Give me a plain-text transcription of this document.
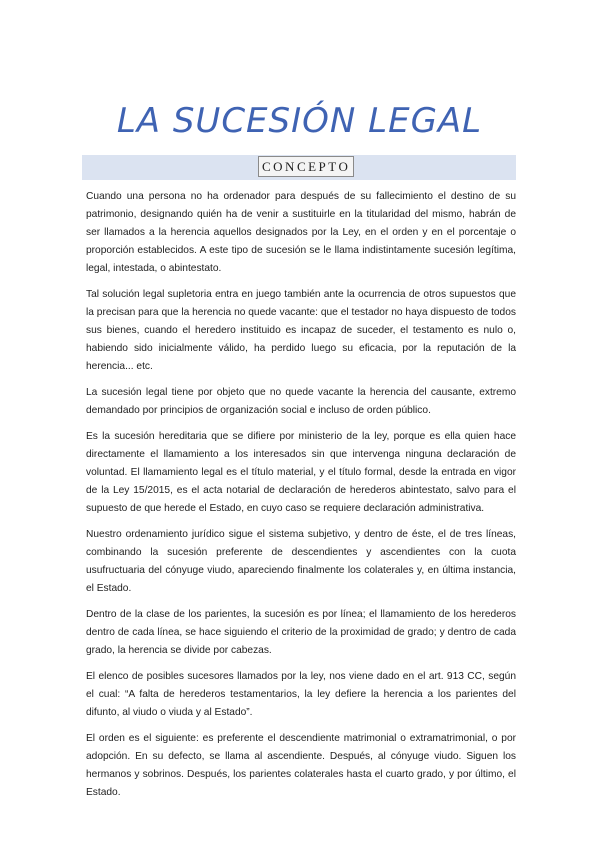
LA SUCESIÓN LEGAL
CONCEPTO

Cuando una persona no ha ordenador para después de su fallecimiento el destino de su patrimonio, designando quién ha de venir a sustituirle en la titularidad del mismo, habrán de ser llamados a la herencia aquellos designados por la Ley, en el orden y en el porcentaje o proporción establecidos. A este tipo de sucesión se le llama indistintamente sucesión legítima, legal, intestada, o abintestato.

Tal solución legal supletoria entra en juego también ante la ocurrencia de otros supuestos que la precisan para que la herencia no quede vacante: que el testador no haya dispuesto de todos sus bienes, cuando el heredero instituido es incapaz de suceder, el testamento es nulo o, habiendo sido inicialmente válido, ha perdido luego su eficacia, por la reputación de la herencia... etc.

La sucesión legal tiene por objeto que no quede vacante la herencia del causante, extremo demandado por principios de organización social e incluso de orden público.

Es la sucesión hereditaria que se difiere por ministerio de la ley, porque es ella quien hace directamente el llamamiento a los interesados sin que intervenga ninguna declaración de voluntad. El llamamiento legal es el título material, y el título formal, desde la entrada en vigor de la Ley 15/2015, es el acta notarial de declaración de herederos abintestato, salvo para el supuesto de que herede el Estado, en cuyo caso se requiere declaración administrativa.

Nuestro ordenamiento jurídico sigue el sistema subjetivo, y dentro de éste, el de tres líneas, combinando la sucesión preferente de descendientes y ascendientes con la cuota usufructuaria del cónyuge viudo, apareciendo finalmente los colaterales y, en última instancia, el Estado.

Dentro de la clase de los parientes, la sucesión es por línea; el llamamiento de los herederos dentro de cada línea, se hace siguiendo el criterio de la proximidad de grado; y dentro de cada grado, la herencia se divide por cabezas.

El elenco de posibles sucesores llamados por la ley, nos viene dado en el art. 913 CC, según el cual: “A falta de herederos testamentarios, la ley defiere la herencia a los parientes del difunto, al viudo o viuda y al Estado”.

El orden es el siguiente: es preferente el descendiente matrimonial o extramatrimonial, o por adopción. En su defecto, se llama al ascendiente. Después, al cónyuge viudo. Siguen los hermanos y sobrinos. Después, los parientes colaterales hasta el cuarto grado, y por último, el Estado.
